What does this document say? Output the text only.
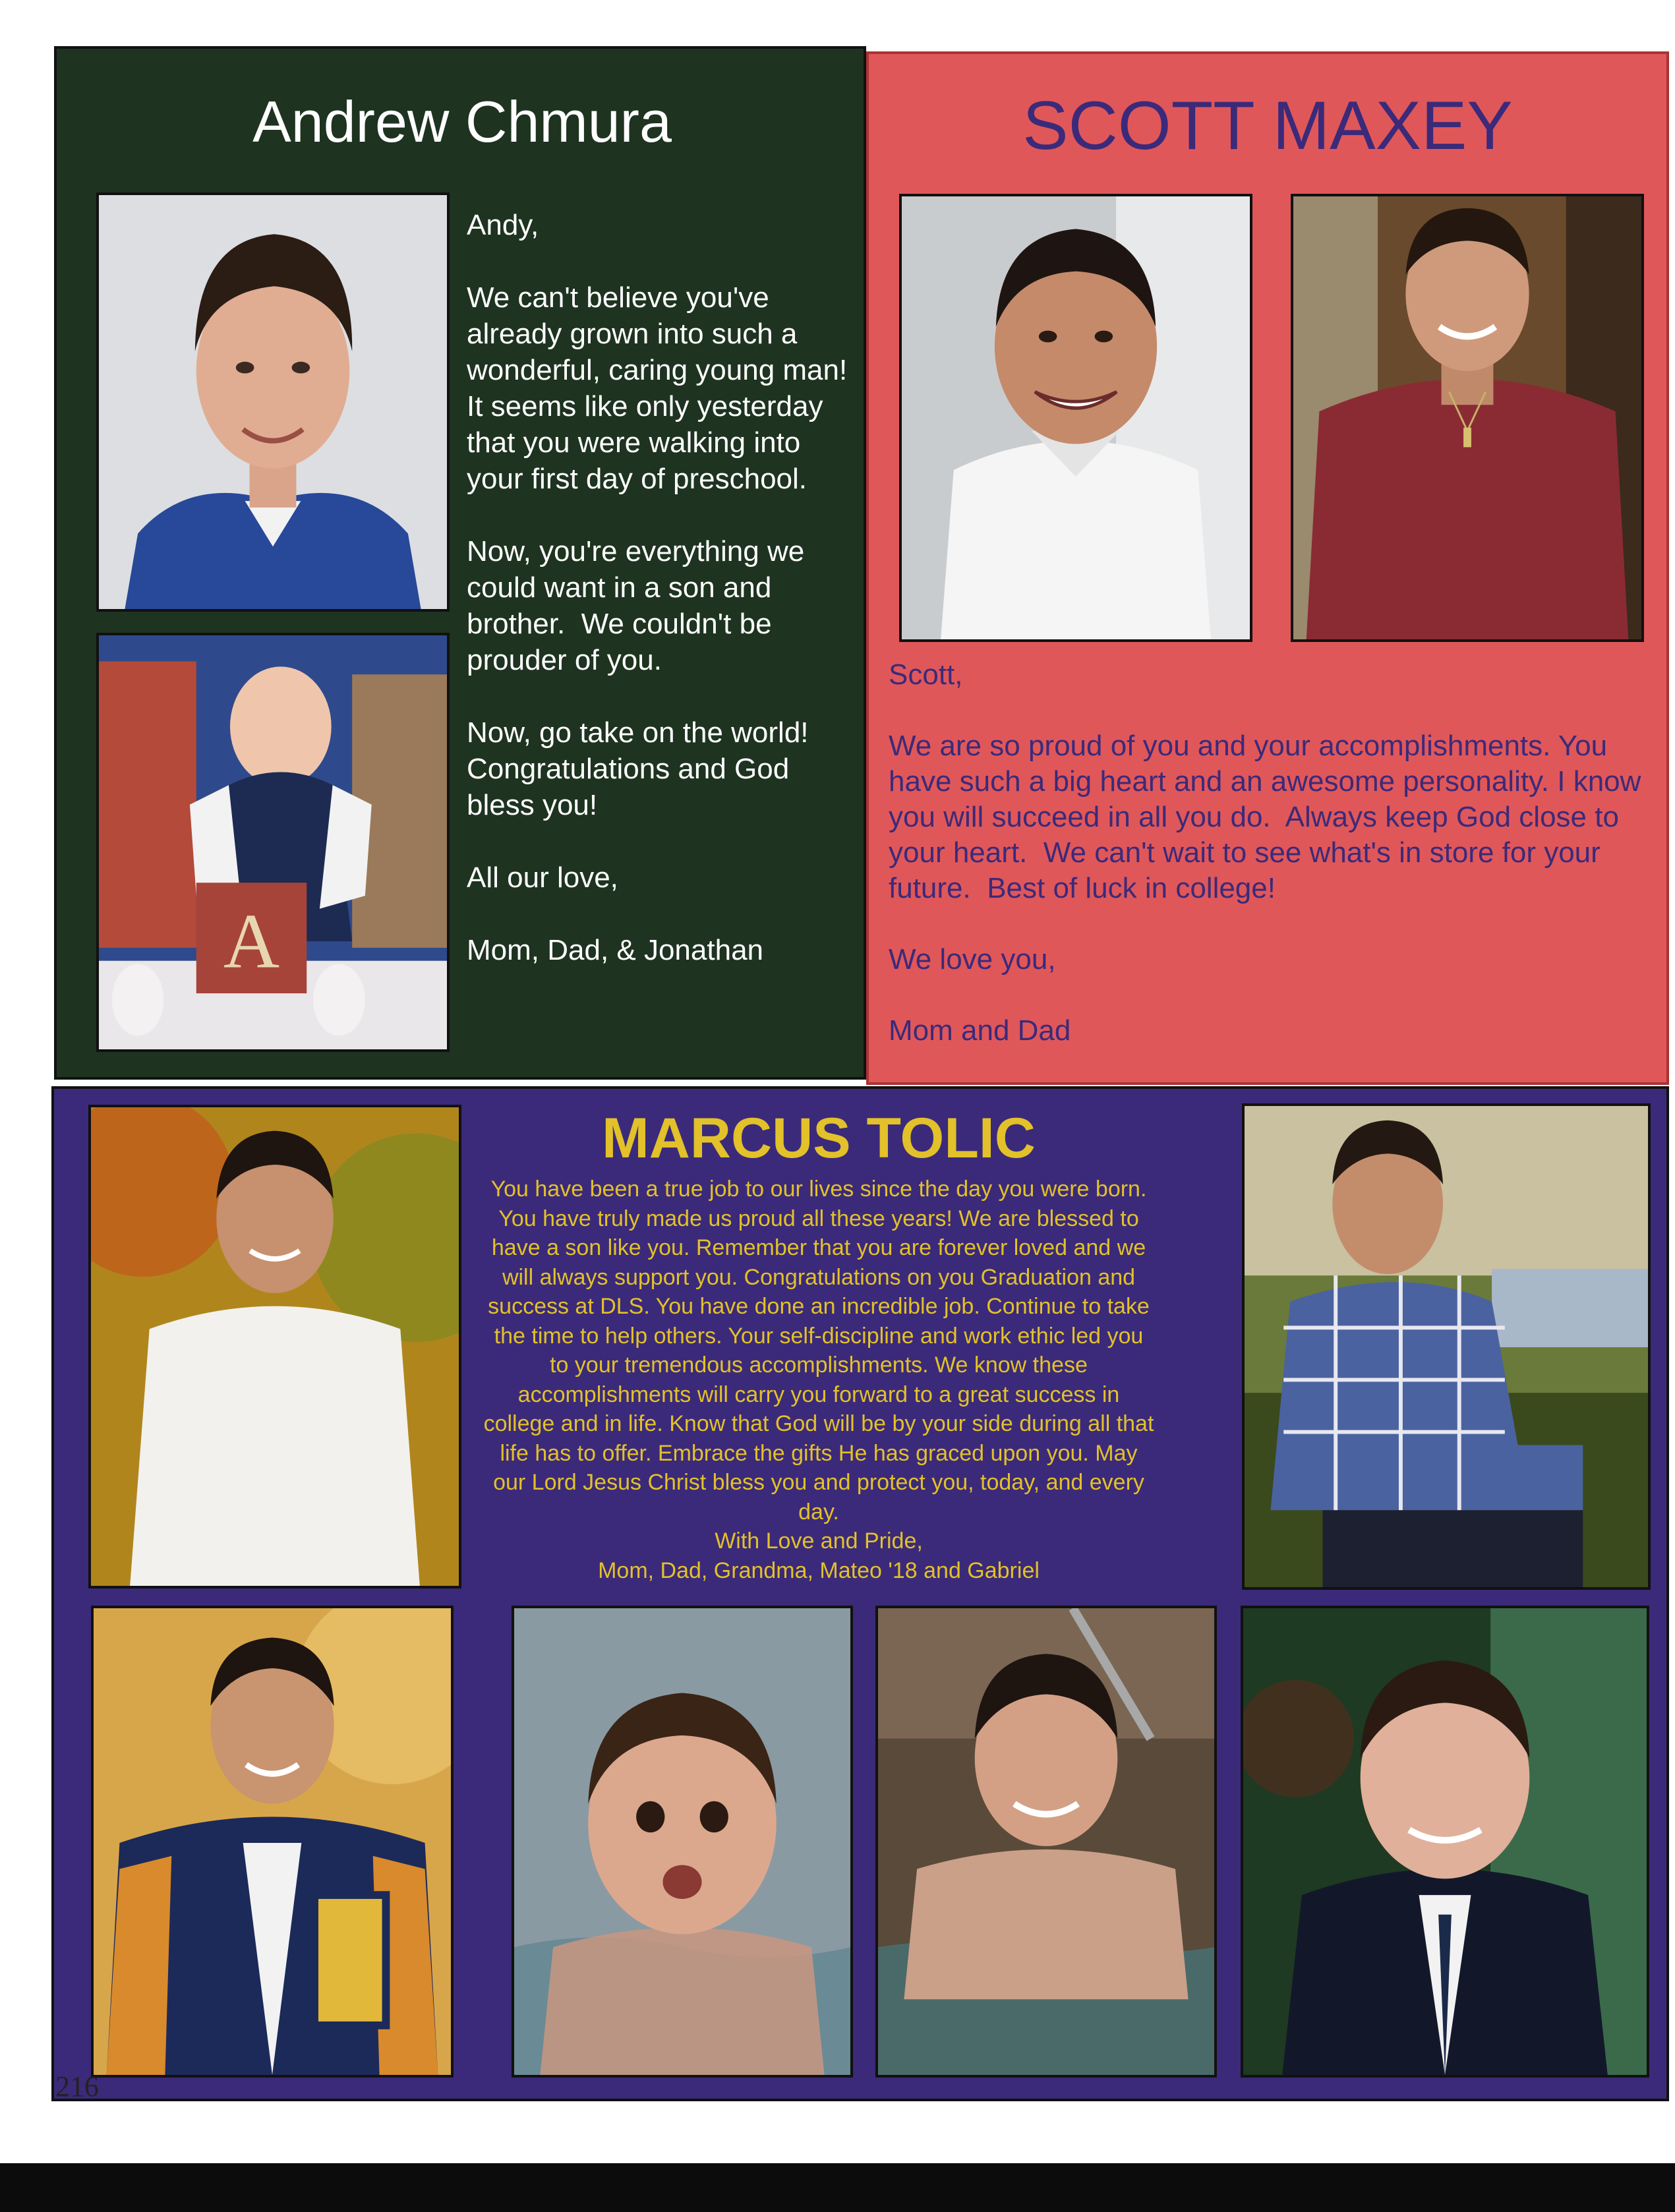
Andrew Chmura
A
Andy,

We can't believe you've already grown into such a wonderful, caring young man!  It seems like only yesterday that you were walking into your first day of preschool.

Now, you're everything we could want in a son and brother.  We couldn't be prouder of you.

Now, go take on the world! Congratulations and God bless you!

All our love,

Mom, Dad, & Jonathan
SCOTT MAXEY
Scott,

We are so proud of you and your accomplishments. You have such a big heart and an awesome personality. I know you will succeed in all you do.  Always keep God close to your heart.  We can't wait to see what's in store for your future.  Best of luck in college!

We love you,

Mom and Dad
MARCUS TOLIC
You have been a true job to our lives since the day you were born. You have truly made us proud all these years! We are blessed to have a son like you. Remember that you are forever loved and we will always support you. Congratulations on you Graduation and success at DLS. You have done an incredible job. Continue to take the time to help others. Your self-discipline and work ethic led you to your tremendous accomplishments. We know these accomplishments will carry you forward to a great success in college and in life. Know that God will be by your side during all that life has to offer. Embrace the gifts He has graced upon you. May our Lord Jesus Christ bless you and protect you, today, and every day.
With Love and Pride,
Mom, Dad, Grandma, Mateo '18 and Gabriel
216
